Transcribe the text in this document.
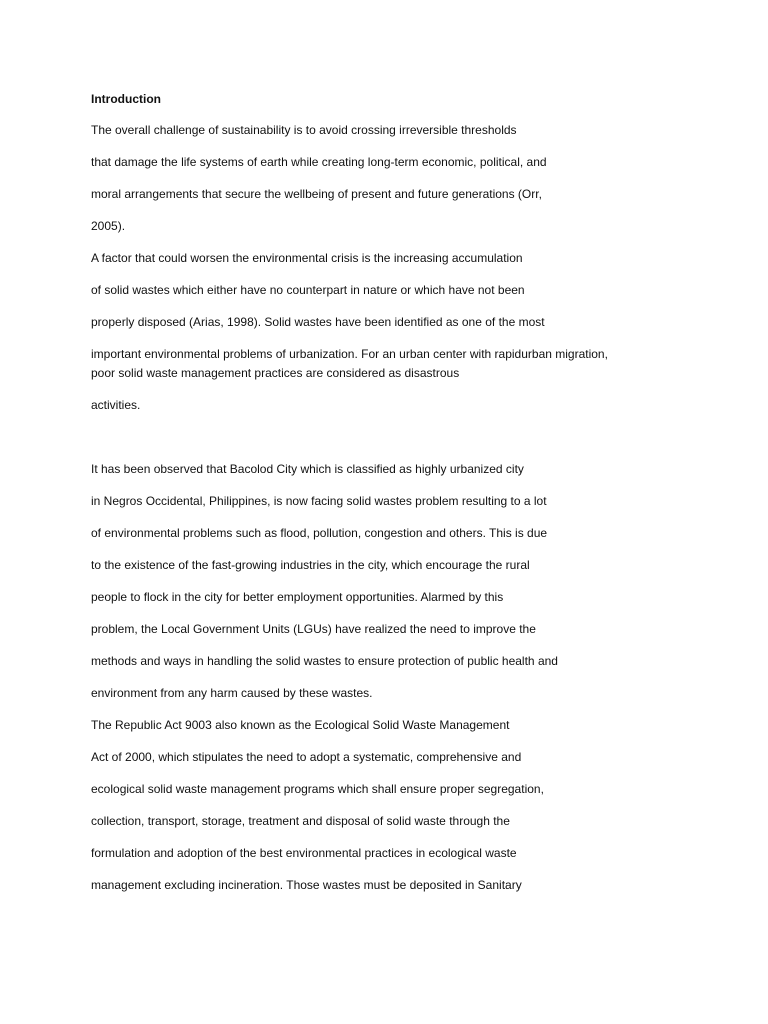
Introduction
The overall challenge of sustainability is to avoid crossing irreversible thresholds
that damage the life systems of earth while creating long-term economic, political, and
moral arrangements that secure the wellbeing of present and future generations (Orr,
2005).
A factor that could worsen the environmental crisis is the increasing accumulation
of solid wastes which either have no counterpart in nature or which have not been
properly disposed (Arias, 1998). Solid wastes have been identified as one of the most
important environmental problems of urbanization. For an urban center with rapidurban migration,
poor solid waste management practices are considered as disastrous
activities.
It has been observed that Bacolod City which is classified as highly urbanized city
in Negros Occidental, Philippines, is now facing solid wastes problem resulting to a lot
of environmental problems such as flood, pollution, congestion and others. This is due
to the existence of the fast-growing industries in the city, which encourage the rural
people to flock in the city for better employment opportunities. Alarmed by this
problem, the Local Government Units (LGUs) have realized the need to improve the
methods and ways in handling the solid wastes to ensure protection of public health and
environment from any harm caused by these wastes.
The Republic Act 9003 also known as the Ecological Solid Waste Management
Act of 2000, which stipulates the need to adopt a systematic, comprehensive and
ecological solid waste management programs which shall ensure proper segregation,
collection, transport, storage, treatment and disposal of solid waste through the
formulation and adoption of the best environmental practices in ecological waste
management excluding incineration. Those wastes must be deposited in Sanitary
